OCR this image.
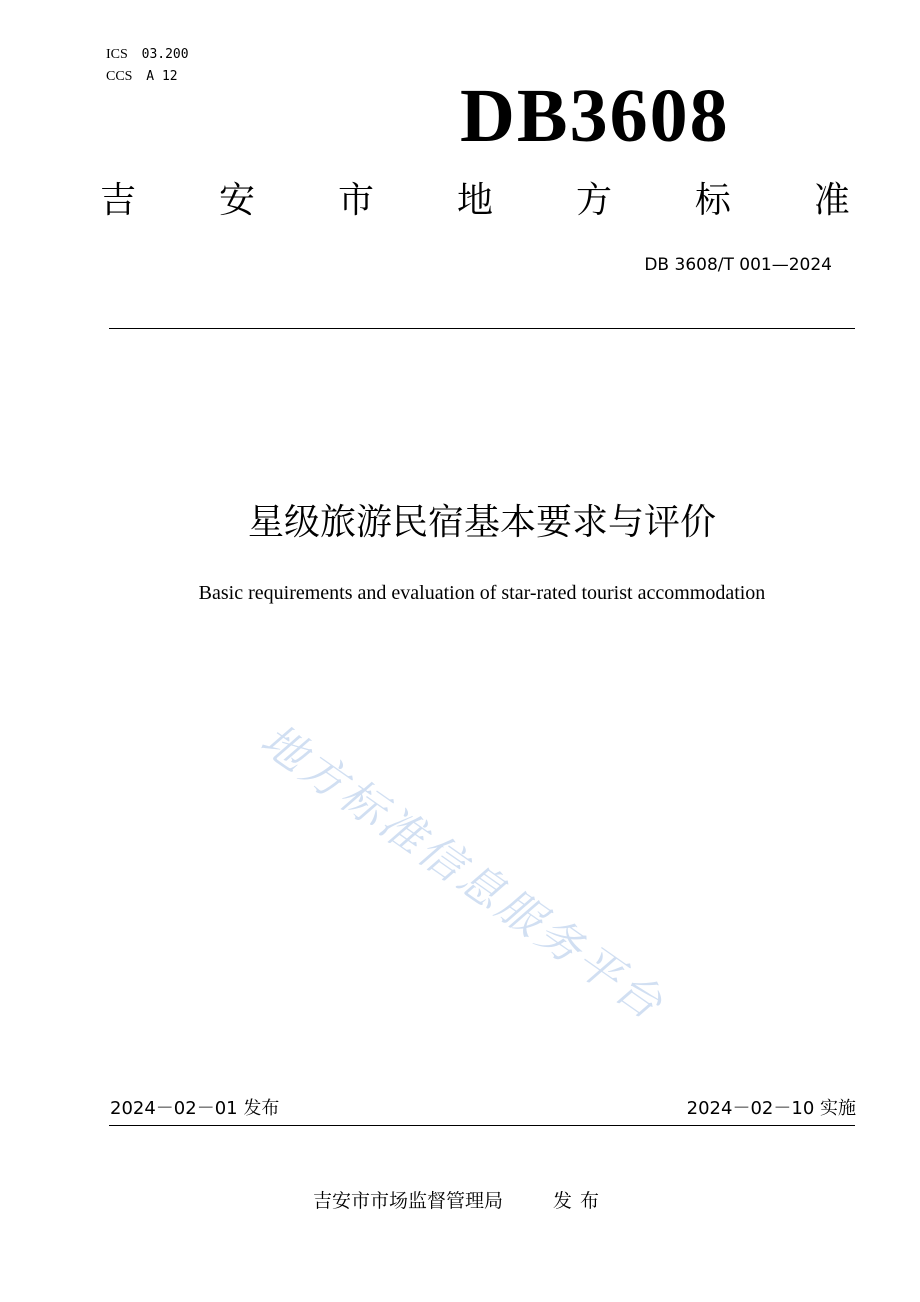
ICS 03.200
CCS A 12	DB3608
吉 安 市 地 方 标 准
DB 3608/T 001—2024
星级旅游民宿基本要求与评价
Basic requirements and evaluation of star-rated tourist accommodation
地方标准信息服务平台
2024－02－01 发布	2024－02－10 实施
吉安市市场监督管理局	发布
